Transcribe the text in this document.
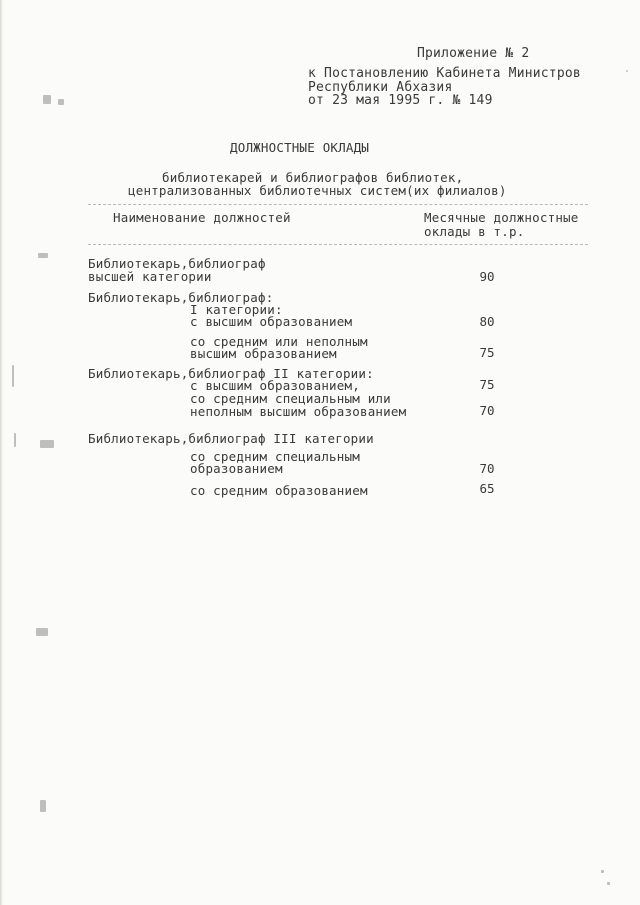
Приложение № 2
к Постановлению Кабинета Министров
Республики Абхазия
от 23 мая 1995 г. № 149
ДОЛЖНОСТНЫЕ ОКЛАДЫ
библиотекарей и библиографов библиотек,
централизованных библиотечных систем(их филиалов)
Наименование должностей	Месячные должностные
оклады в т.р.
Библиотекарь,библиограф
высшей категории	90
Библиотекарь,библиограф:
I категории:
с высшим образованием	80
со средним или неполным
высшим образованием	75
Библиотекарь,библиограф II категории:
с высшим образованием,	75
со средним специальным или
неполным высшим образованием	70
Библиотекарь,библиограф III категории
со средним специальным
образованием	70
со средним образованием	65
